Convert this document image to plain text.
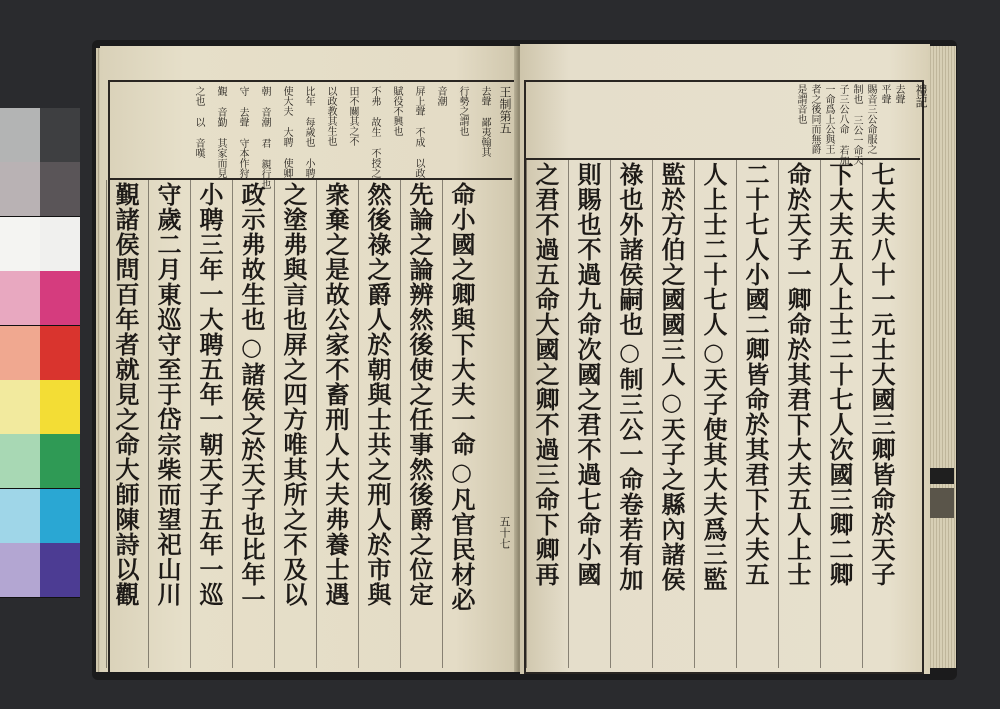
王制第五
五十七
去聲 鄙夷翰其
行勢之謂也
音潮
屏上聲 不成 以政
賦役不興也
不弗 故生 不授之
田不關其之不
以政教其生也
比年 每歲也 小聘
使大夫 大聘 使卿
朝 音潮 君 親行也
守 去聲 守本作狩
覲 音勤 其家而見
之也 以 音嘆
命小國之卿與下大夫一命○凡官民材必
先論之論辨然後使之任事然後爵之位定
然後祿之爵人於朝與士共之刑人於市與
衆棄之是故公家不畜刑人大夫弗養士遇
之塗弗與言也屏之四方唯其所之不及以
政示弗故生也○諸侯之於天子也比年一
小聘三年一大聘五年一朝天子五年一巡
守歲二月東巡守至于岱宗柴而望祀山川
覲諸侯問百年者就見之命大師陳詩以觀
禮記
去聲
平聲
賜音三公命服之
制也 三公一命天
子三公八命 若加
一命爲上公與王
者之後同而無爵
是謂音也
七大夫八十一元士大國三卿皆命於天子
下大夫五人上士二十七人次國三卿二卿
命於天子一卿命於其君下大夫五人上士
二十七人小國二卿皆命於其君下大夫五
人上士二十七人○天子使其大夫爲三監
監於方伯之國國三人○天子之縣內諸侯
祿也外諸侯嗣也○制三公一命卷若有加
則賜也不過九命次國之君不過七命小國
之君不過五命大國之卿不過三命下卿再
